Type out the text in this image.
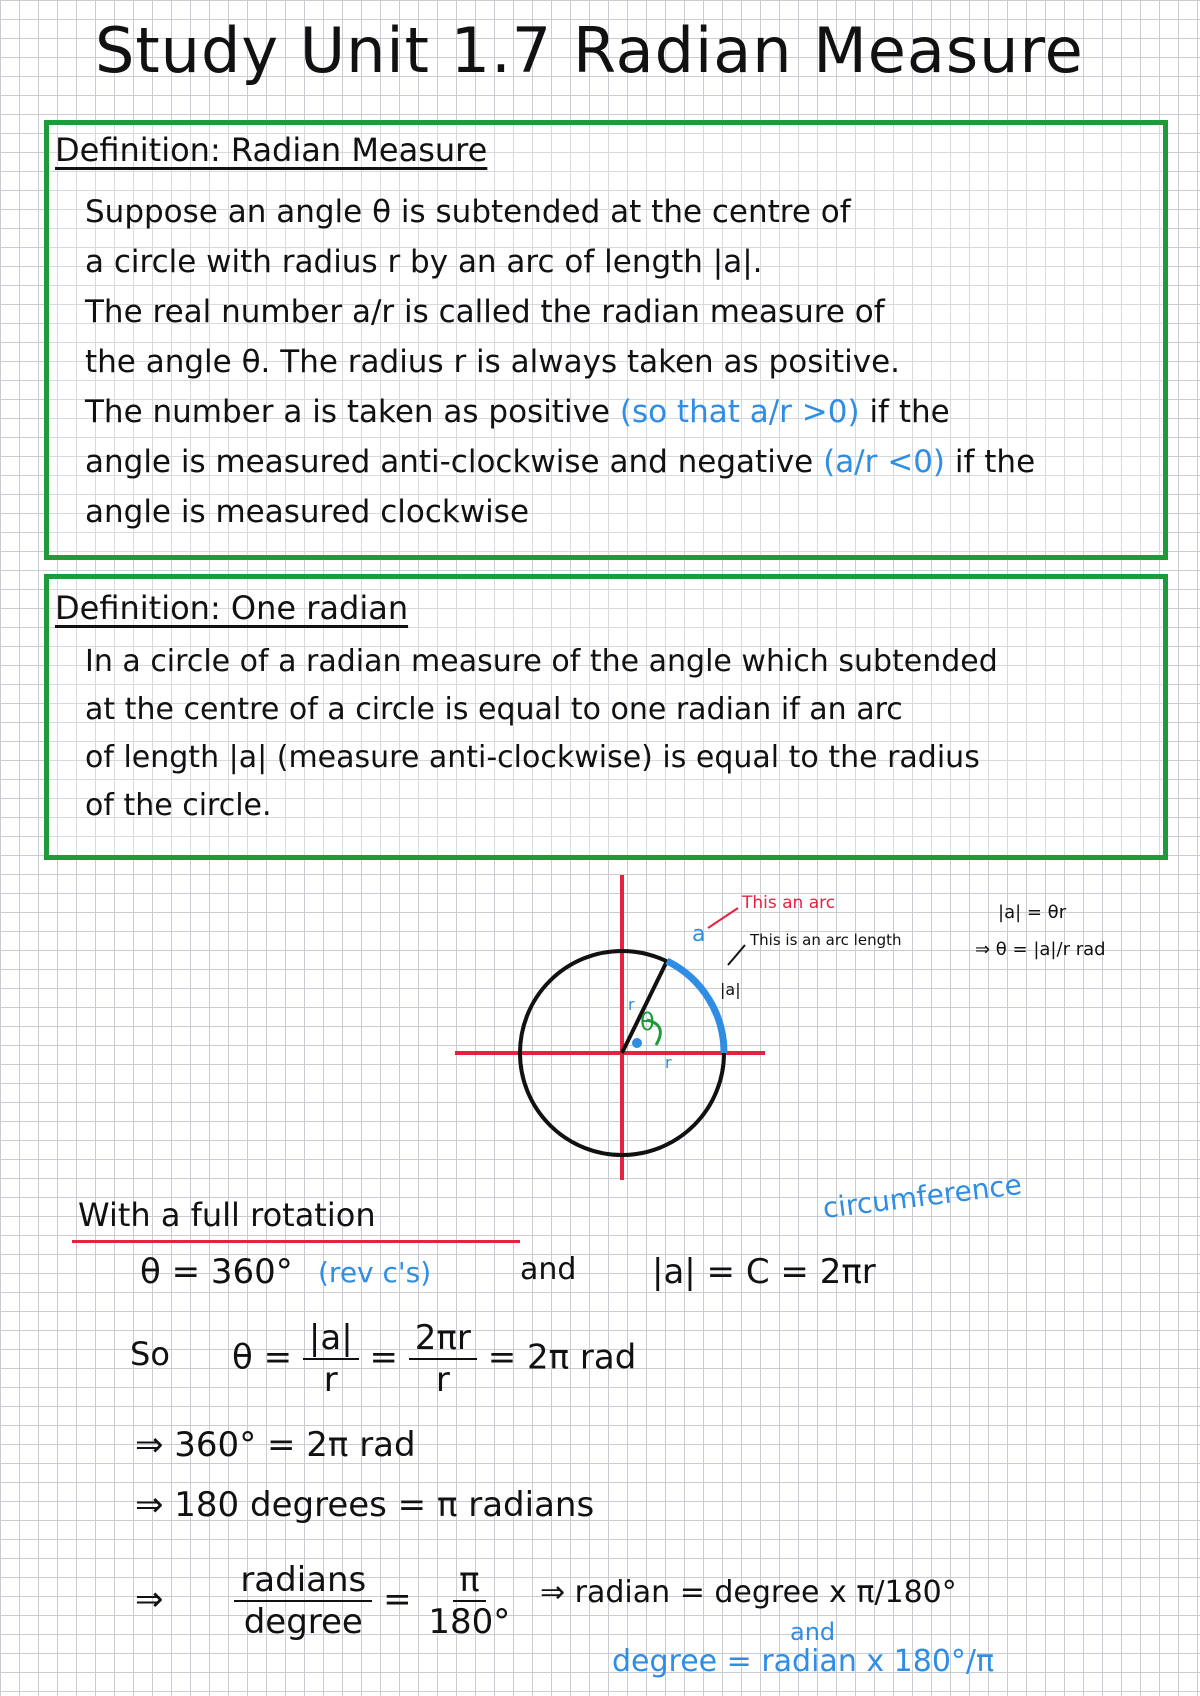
Study Unit 1.7 Radian Measure
Definition: Radian Measure
Suppose an angle θ is subtended at the centre of
a circle with radius r by an arc of length |a|.
The real number a/r is called the radian measure of
the angle θ. The radius r is always taken as positive.
The number a is taken as positive (so that a/r >0) if the
angle is measured anti-clockwise and negative (a/r <0) if the
angle is measured clockwise
Definition: One radian
In a circle of a radian measure of the angle which subtended
at the centre of a circle is equal to one radian if an arc
of length |a| (measure anti-clockwise) is equal to the radius
of the circle.
θ
r
r
a
|a|
This an arc
This is an arc length
|a| = θr
⇒ θ = |a|/r rad
With a full rotation
θ = 360° (rev c's)	and |a| = C = 2πr
circumference
So $\theta = \frac{|a|}{r} = \frac{2\pi r}{r} = 2\pi$ rad
⇒ 360° = 2π rad
⇒ 180 degrees = π radians
⇒ $\frac{\text{radians}}{\text{degree}} = \frac{\pi}{180^\circ}$ ⇒ radian = degree x π/180°
and
degree = radian x 180°/π
